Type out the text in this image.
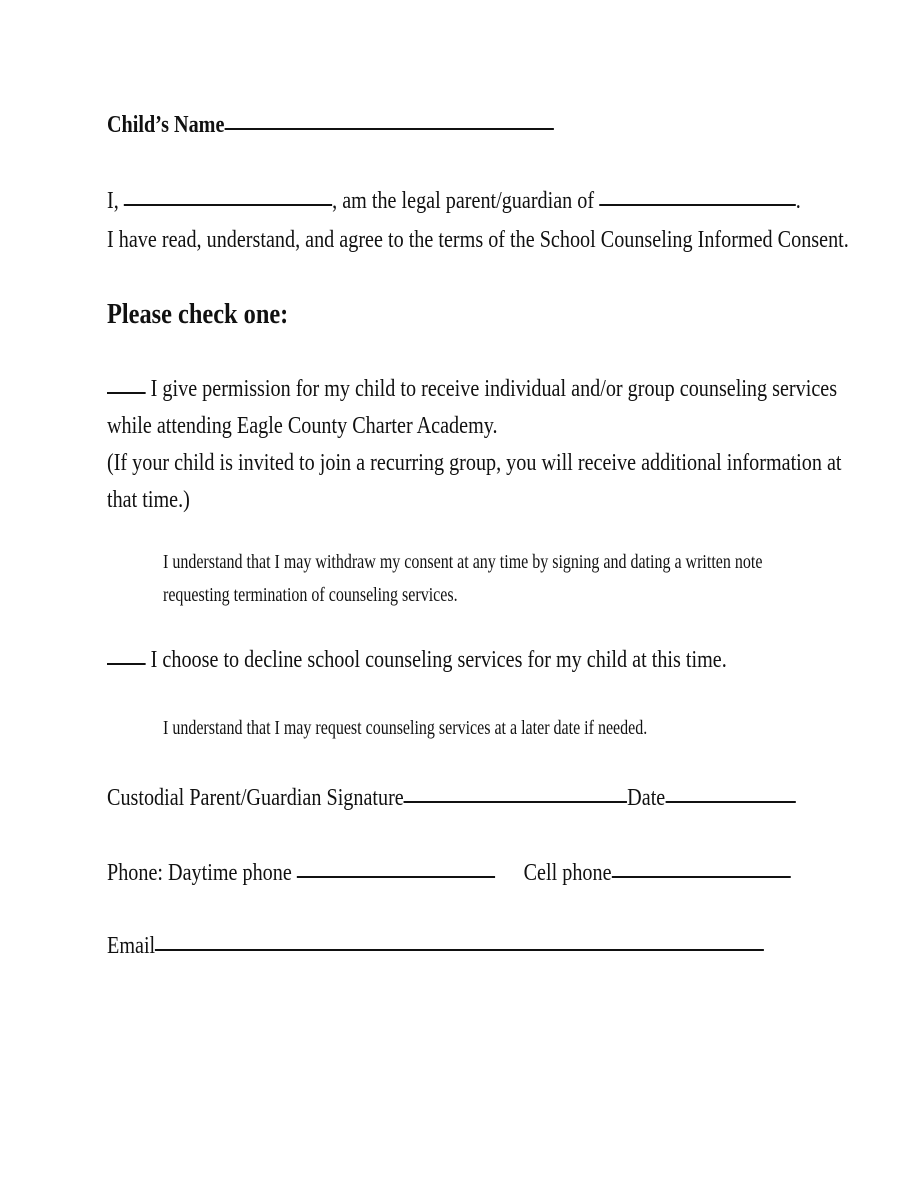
Child’s Name
I,	, am the legal parent/guardian of	.
I have read, understand, and agree to the terms of the School Counseling Informed Consent.
Please check one:
I give permission for my child to receive individual and/or group counseling services
while attending Eagle County Charter Academy.
(If your child is invited to join a recurring group, you will receive additional information at
that time.)
I understand that I may withdraw my consent at any time by signing and dating a written note
requesting termination of counseling services.
I choose to decline school counseling services for my child at this time.
I understand that I may request counseling services at a later date if needed.
Custodial Parent/Guardian Signature	Date
Phone: Daytime phone	Cell phone
Email
